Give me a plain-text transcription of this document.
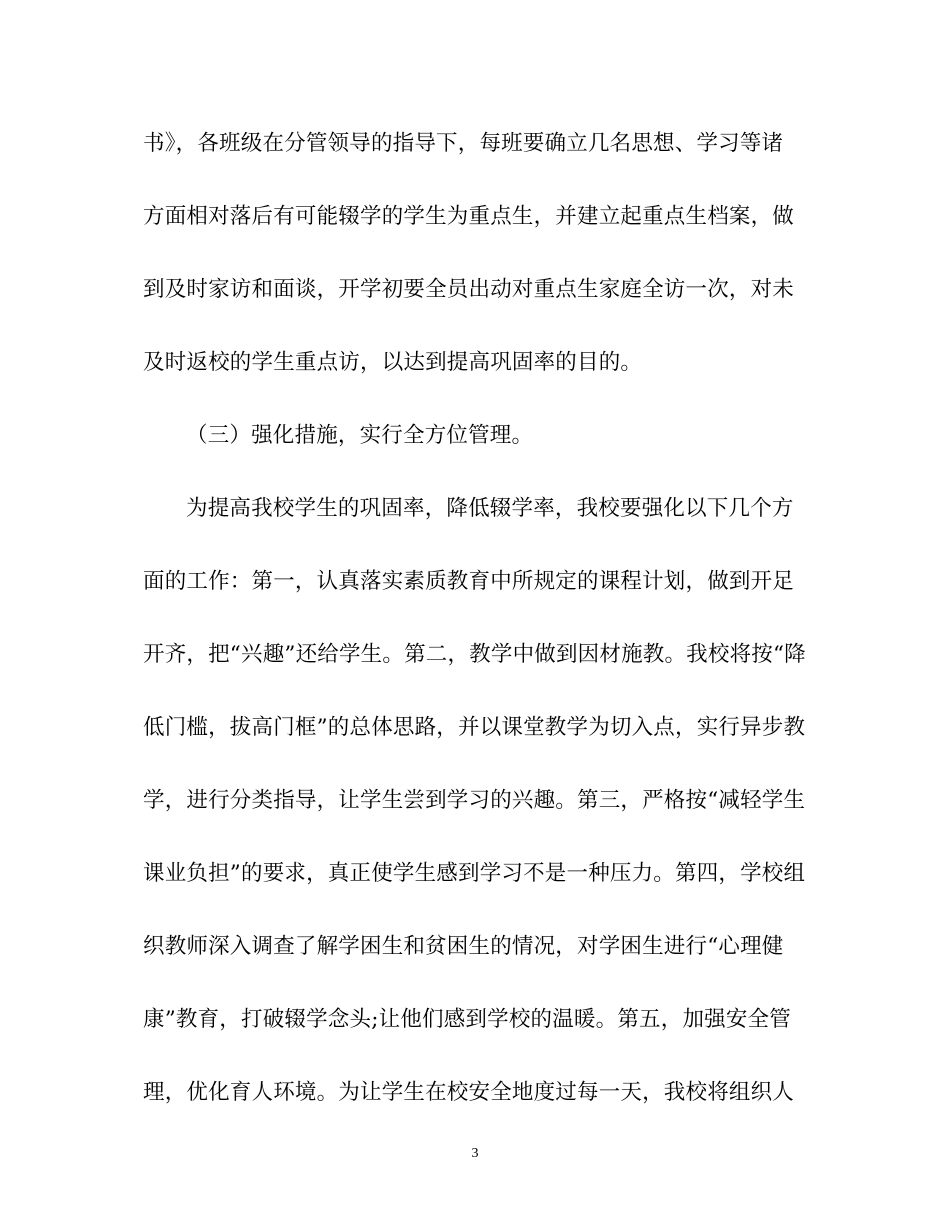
书》，各班级在分管领导的指导下，每班要确立几名思想、学习等诸
方面相对落后有可能辍学的学生为重点生，并建立起重点生档案，做
到及时家访和面谈，开学初要全员出动对重点生家庭全访一次，对未
及时返校的学生重点访，以达到提高巩固率的目的。
（三）强化措施，实行全方位管理。
为提高我校学生的巩固率，降低辍学率，我校要强化以下几个方
面的工作：第一，认真落实素质教育中所规定的课程计划，做到开足
开齐，把“兴趣”还给学生。第二，教学中做到因材施教。我校将按“降
低门槛，拔高门框”的总体思路，并以课堂教学为切入点，实行异步教
学，进行分类指导，让学生尝到学习的兴趣。第三，严格按“减轻学生
课业负担”的要求，真正使学生感到学习不是一种压力。第四，学校组
织教师深入调查了解学困生和贫困生的情况，对学困生进行“心理健
康”教育，打破辍学念头;让他们感到学校的温暖。第五，加强安全管
理，优化育人环境。为让学生在校安全地度过每一天，我校将组织人
3
